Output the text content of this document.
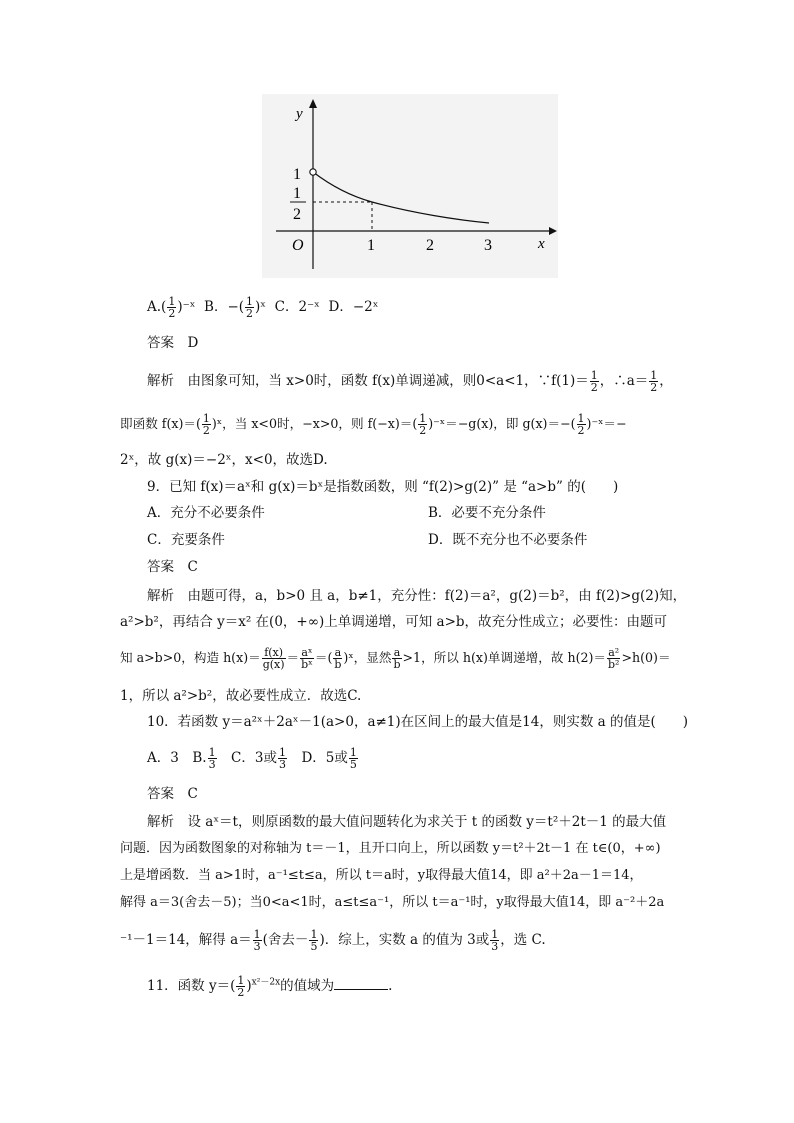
y
x
O
1
1
2
1	2	3
$A.( \frac{1}{2}$ )⁻ˣ B．−( $\frac{1}{2}$ )ˣ C．2⁻ˣ D．−2ˣ
答案　D
解析　由图象可知，当 x>0时，函数 f(x)单调递减，则0<a<1，∵f(1)＝ $\frac{1}{2}$ ，∴a＝ $\frac{1}{2}$ ，
即函数 $f(x)=( \frac{1}{2}$ )ˣ，当 x<0时，−x>0，则 $f(-x)=( \frac{1}{2}$ )⁻ˣ＝−g(x)，即 $g(x)=-( \frac{1}{2}$ )⁻ˣ＝−
2ˣ，故 g(x)＝−2ˣ，x<0，故选D.
9．已知 f(x)＝aˣ和 g(x)＝bˣ是指数函数，则 “f(2)>g(2)” 是 “a>b” 的(　　)
A．充分不必要条件	B．必要不充分条件
C．充要条件	D．既不充分也不必要条件
答案　C
解析　由题可得，a，b>0 且 a，b≠1，充分性：f(2)＝a²，g(2)＝b²，由 f(2)>g(2)知，
a²>b²，再结合 y＝x² 在(0，+∞)上单调递增，可知 a>b，故充分性成立；必要性：由题可
知 a>b>0，构造 $h(x)= \frac{f(x)}{g(x)} = \frac{\text{aˣ}}{\text{bˣ}}$ ＝( $\frac{a}{b}$ )ˣ，显然 $\frac{a}{b} >1$，所以 h(x)单调递增，故 $h(2)= \frac{\text{a²}}{\text{b²}} >h(0)=$
1，所以 a²>b²，故必要性成立．故选C.
10．若函数 y＝a²ˣ＋2aˣ－1(a>0，a≠1)在区间上的最大值是14，则实数 a 的值是(　　)
A．3　B. $\frac{1}{3}$ 　C．3或 $\frac{1}{3}$ 　D．5或 $\frac{1}{5}$
答案　C
解析　设 aˣ＝t，则原函数的最大值问题转化为求关于 t 的函数 y＝t²＋2t－1 的最大值
问题．因为函数图象的对称轴为 t＝－1，且开口向上，所以函数 y＝t²＋2t－1 在 t∈(0，+∞)
上是增函数．当 a>1时，a⁻¹≤t≤a，所以 t＝a时，y取得最大值14，即 a²＋2a－1＝14，
解得 a＝3(舍去－5)；当0<a<1时，a≤t≤a⁻¹，所以 t＝a⁻¹时，y取得最大值14，即 a⁻²＋2a
⁻¹－1＝14，解得 $a= \frac{1}{3}$ (舍去－ $\frac{1}{5}$ )．综上，实数 a 的值为 3或 $\frac{1}{3}$ ，选 C.
11．函数 $y=( \frac{1}{2} )^{x^2-2x}$的值域为	.
